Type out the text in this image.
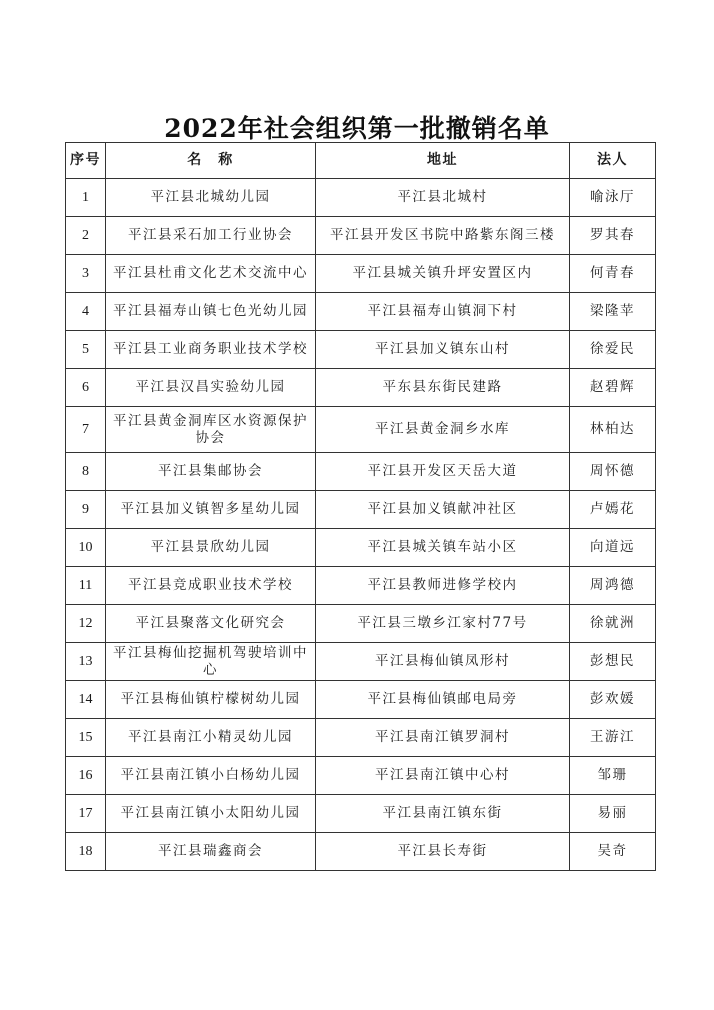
2022年社会组织第一批撤销名单
序号	名　称	地址	法人
1	平江县北城幼儿园	平江县北城村	喻泳厅
2	平江县采石加工行业协会	平江县开发区书院中路紫东阁三楼	罗其春
3	平江县杜甫文化艺术交流中心	平江县城关镇升坪安置区内	何青春
4	平江县福寿山镇七色光幼儿园	平江县福寿山镇洞下村	梁隆苹
5	平江县工业商务职业技术学校	平江县加义镇东山村	徐爱民
6	平江县汉昌实验幼儿园	平东县东街民建路	赵碧辉
7	平江县黄金洞库区水资源保护协会	平江县黄金洞乡水库	林柏达
8	平江县集邮协会	平江县开发区天岳大道	周怀德
9	平江县加义镇智多星幼儿园	平江县加义镇献冲社区	卢嫣花
10	平江县景欣幼儿园	平江县城关镇车站小区	向道远
11	平江县竞成职业技术学校	平江县教师进修学校内	周鸿德
12	平江县聚落文化研究会	平江县三墩乡江家村77号	徐就洲
13	平江县梅仙挖掘机驾驶培训中心	平江县梅仙镇凤形村	彭想民
14	平江县梅仙镇柠檬树幼儿园	平江县梅仙镇邮电局旁	彭欢媛
15	平江县南江小精灵幼儿园	平江县南江镇罗洞村	王游江
16	平江县南江镇小白杨幼儿园	平江县南江镇中心村	邹珊
17	平江县南江镇小太阳幼儿园	平江县南江镇东街	易丽
18	平江县瑞鑫商会	平江县长寿街	吴奇
